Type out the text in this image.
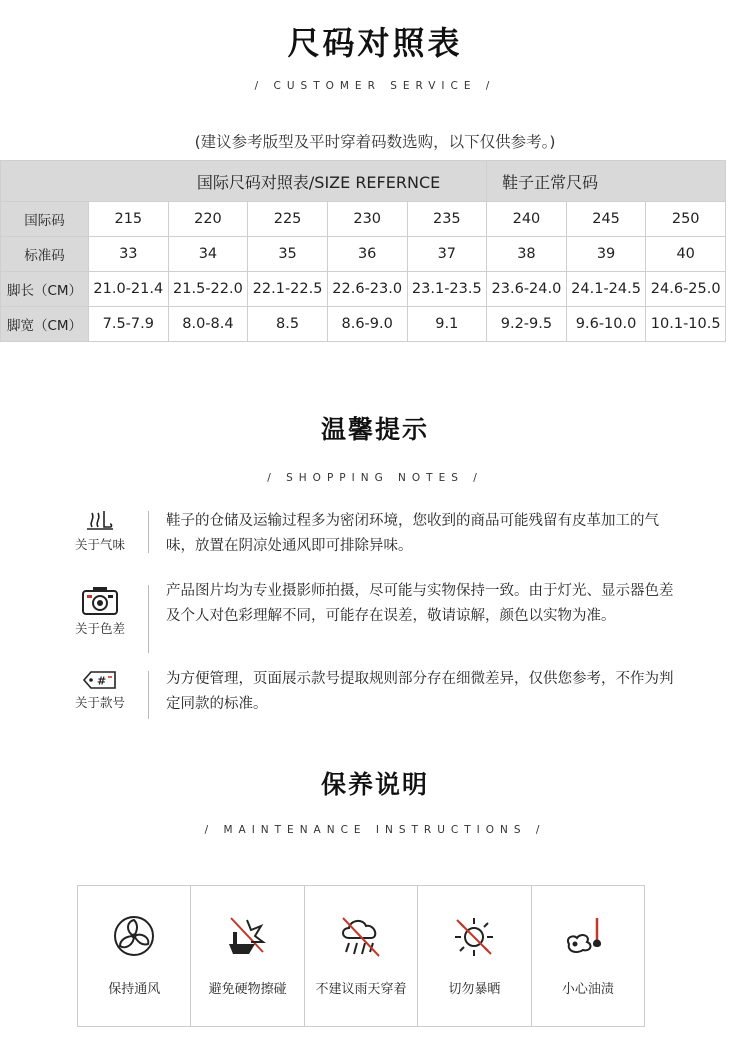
尺码对照表
/ CUSTOMER SERVICE /
(建议参考版型及平时穿着码数选购，以下仅供参考。)
国际尺码对照表/SIZE REFERNCE						鞋子正常尺码		
国际码	215	220	225	230	235	240	245	250
标准码	33	34	35	36	37	38	39	40
脚长（CM）	21.0-21.4	21.5-22.0	22.1-22.5	22.6-23.0	23.1-23.5	23.6-24.0	24.1-24.5	24.6-25.0
脚宽（CM）	7.5-7.9	8.0-8.4	8.5	8.6-9.0	9.1	9.2-9.5	9.6-10.0	10.1-10.5
温馨提示
/ SHOPPING NOTES /
关于气味
鞋子的仓储及运输过程多为密闭环境，您收到的商品可能残留有皮革加工的气味，放置在阴凉处通风即可排除异味。
关于色差
产品图片均为专业摄影师拍摄，尽可能与实物保持一致。由于灯光、显示器色差及个人对色彩理解不同，可能存在误差，敬请谅解，颜色以实物为准。
#
关于款号
为方便管理，页面展示款号提取规则部分存在细微差异，仅供您参考，不作为判定同款的标准。
保养说明
/ MAINTENANCE INSTRUCTIONS /
保持通风	避免硬物擦碰	不建议雨天穿着	切勿暴晒	小心油渍
